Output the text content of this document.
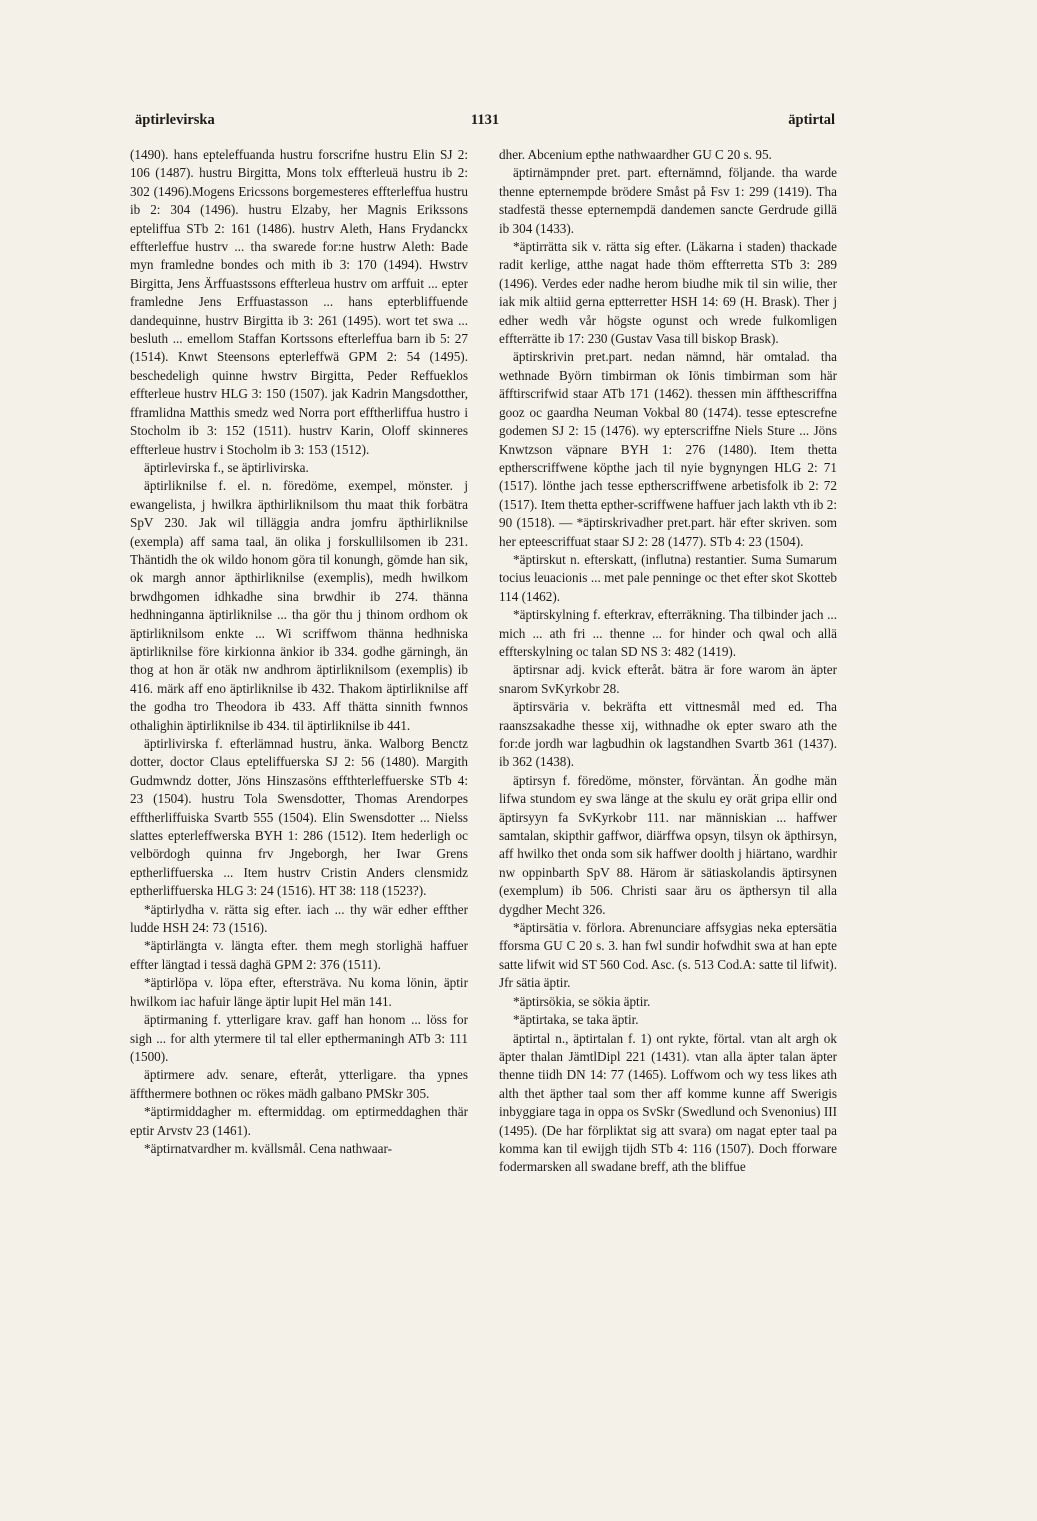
äptirlevirska	1131	äptirtal

(1490). hans epteleffuanda hustru forscrifne hustru Elin SJ 2: 106 (1487). hustru Birgitta, Mons tolx effterleuä hustru ib 2: 302 (1496).Mogens Ericssons borgemesteres effterleffua hustru ib 2: 304 (1496). hustru Elzaby, her Magnis Erikssons epteliffua STb 2: 161 (1486). hustrv Aleth, Hans Frydanckx effterleffue hustrv ... tha swarede for:ne hustrw Aleth: Bade myn framledne bondes och mith ib 3: 170 (1494). Hwstrv Birgitta, Jens Ärffuastssons effterleua hustrv om arffuit ... epter framledne Jens Erffuastasson ... hans epterbliffuende dandequinne, hustrv Birgitta ib 3: 261 (1495). wort tet swa ... besluth ... emellom Staffan Kortssons efterleffua barn ib 5: 27 (1514). Knwt Steensons epterleffwä GPM 2: 54 (1495). beschedeligh quinne hwstrv Birgitta, Peder Reffueklos effterleue hustrv HLG 3: 150 (1507). jak Kadrin Mangsdotther, fframlidna Matthis smedz wed Norra port efftherliffua hustro i Stocholm ib 3: 152 (1511). hustrv Karin, Oloff skinneres effterleue hustrv i Stocholm ib 3: 153 (1512).

äptirlevirska f., se äptirlivirska.

äptirliknilse f. el. n. föredöme, exempel, mönster. j ewangelista, j hwilkra äpthirliknilsom thu maat thik forbätra SpV 230. Jak wil tilläggia andra jomfru äpthirliknilse (exempla) aff sama taal, än olika j forskullilsomen ib 231. Thäntidh the ok wildo honom göra til konungh, gömde han sik, ok margh annor äpthirliknilse (exemplis), medh hwilkom brwdhgomen idhkadhe sina brwdhir ib 274. thänna hedhninganna äptirliknilse ... tha gör thu j thinom ordhom ok äptirliknilsom enkte ... Wi scriffwom thänna hedhniska äptirliknilse före kirkionna änkior ib 334. godhe gärningh, än thog at hon är otäk nw andhrom äptirliknilsom (exemplis) ib 416. märk aff eno äptirliknilse ib 432. Thakom äptirliknilse aff the godha tro Theodora ib 433. Aff thätta sinnith fwnnos othalighin äptirliknilse ib 434. til äptirliknilse ib 441.

äptirlivirska f. efterlämnad hustru, änka. Walborg Benctz dotter, doctor Claus epteliffuerska SJ 2: 56 (1480). Margith Gudmwndz dotter, Jöns Hinszasöns effthterleffuerske STb 4: 23 (1504). hustru Tola Swensdotter, Thomas Arendorpes efftherliffuiska Svartb 555 (1504). Elin Swensdotter ... Nielss slattes epterleffwerska BYH 1: 286 (1512). Item hederligh oc velbördogh quinna frv Jngeborgh, her Iwar Grens eptherliffuerska ... Item hustrv Cristin Anders clensmidz eptherliffuerska HLG 3: 24 (1516). HT 38: 118 (1523?).

*äptirlydha v. rätta sig efter. iach ... thy wär edher effther ludde HSH 24: 73 (1516).

*äptirlängta v. längta efter. them megh storlighä haffuer effter längtad i tessä daghä GPM 2: 376 (1511).

*äptirlöpa v. löpa efter, eftersträva. Nu koma lönin, äptir hwilkom iac hafuir länge äptir lupit Hel män 141.

äptirmaning f. ytterligare krav. gaff han honom ... löss for sigh ... for alth ytermere til tal eller epthermaningh ATb 3: 111 (1500).

äptirmere adv. senare, efteråt, ytterligare. tha ypnes äffthermere bothnen oc rökes mädh galbano PMSkr 305.

*äptirmiddagher m. eftermiddag. om eptirmeddaghen thär eptir Arvstv 23 (1461).

*äptirnatvardher m. kvällsmål. Cena nathwaar-

dher. Abcenium epthe nathwaardher GU C 20 s. 95.

äptirnämpnder pret. part. efternämnd, följande. tha warde thenne epternempde brödere Småst på Fsv 1: 299 (1419). Tha stadfestä thesse epternempdä dandemen sancte Gerdrude gillä ib 304 (1433).

*äptirrätta sik v. rätta sig efter. (Läkarna i staden) thackade radit kerlige, atthe nagat hade thöm effterretta STb 3: 289 (1496). Verdes eder nadhe herom biudhe mik til sin wilie, ther iak mik altiid gerna eptterretter HSH 14: 69 (H. Brask). Ther j edher wedh vår högste ogunst och wrede fulkomligen effterrätte ib 17: 230 (Gustav Vasa till biskop Brask).

äptirskrivin pret.part. nedan nämnd, här omtalad. tha wethnade Byörn timbirman ok Iönis timbirman som här äfftirscrifwid staar ATb 171 (1462). thessen min äffthescriffna gooz oc gaardha Neuman Vokbal 80 (1474). tesse eptescrefne godemen SJ 2: 15 (1476). wy epterscriffne Niels Sture ... Jöns Knwtzson väpnare BYH 1: 276 (1480). Item thetta eptherscriffwene köpthe jach til nyie bygnyngen HLG 2: 71 (1517). lönthe jach tesse eptherscriffwene arbetisfolk ib 2: 72 (1517). Item thetta epther-scriffwene haffuer jach lakth vth ib 2: 90 (1518). — *äptirskrivadher pret.part. här efter skriven. som her epteescriffuat staar SJ 2: 28 (1477). STb 4: 23 (1504).

*äptirskut n. efterskatt, (influtna) restantier. Suma Sumarum tocius leuacionis ... met pale penninge oc thet efter skot Skotteb 114 (1462).

*äptirskylning f. efterkrav, efterräkning. Tha tilbinder jach ... mich ... ath fri ... thenne ... for hinder och qwal och allä effterskylning oc talan SD NS 3: 482 (1419).

äptirsnar adj. kvick efteråt. bätra är fore warom än äpter snarom SvKyrkobr 28.

äptirsväria v. bekräfta ett vittnesmål med ed. Tha raanszsakadhe thesse xij, withnadhe ok epter swaro ath the for:de jordh war lagbudhin ok lagstandhen Svartb 361 (1437). ib 362 (1438).

äptirsyn f. föredöme, mönster, förväntan. Än godhe män lifwa stundom ey swa länge at the skulu ey orät gripa ellir ond äptirsyyn fa SvKyrkobr 111. nar människian ... haffwer samtalan, skipthir gaffwor, diärffwa opsyn, tilsyn ok äpthirsyn, aff hwilko thet onda som sik haffwer doolth j hiärtano, wardhir nw oppinbarth SpV 88. Härom är sätiaskolandis äptirsynen (exemplum) ib 506. Christi saar äru os äpthersyn til alla dygdher Mecht 326.

*äptirsätia v. förlora. Abrenunciare affsygias neka eptersätia fforsma GU C 20 s. 3. han fwl sundir hofwdhit swa at han epte satte lifwit wid ST 560 Cod. Asc. (s. 513 Cod.A: satte til lifwit). Jfr sätia äptir.

*äptirsökia, se sökia äptir.

*äptirtaka, se taka äptir.

äptirtal n., äptirtalan f. 1) ont rykte, förtal. vtan alt argh ok äpter thalan JämtlDipl 221 (1431). vtan alla äpter talan äpter thenne tiidh DN 14: 77 (1465). Loffwom och wy tess likes ath alth thet äpther taal som ther aff komme kunne aff Swerigis inbyggiare taga in oppa os SvSkr (Swedlund och Svenonius) III (1495). (De har förpliktat sig att svara) om nagat epter taal pa komma kan til ewijgh tijdh STb 4: 116 (1507). Doch fforware fodermarsken all swadane breff, ath the bliffue
